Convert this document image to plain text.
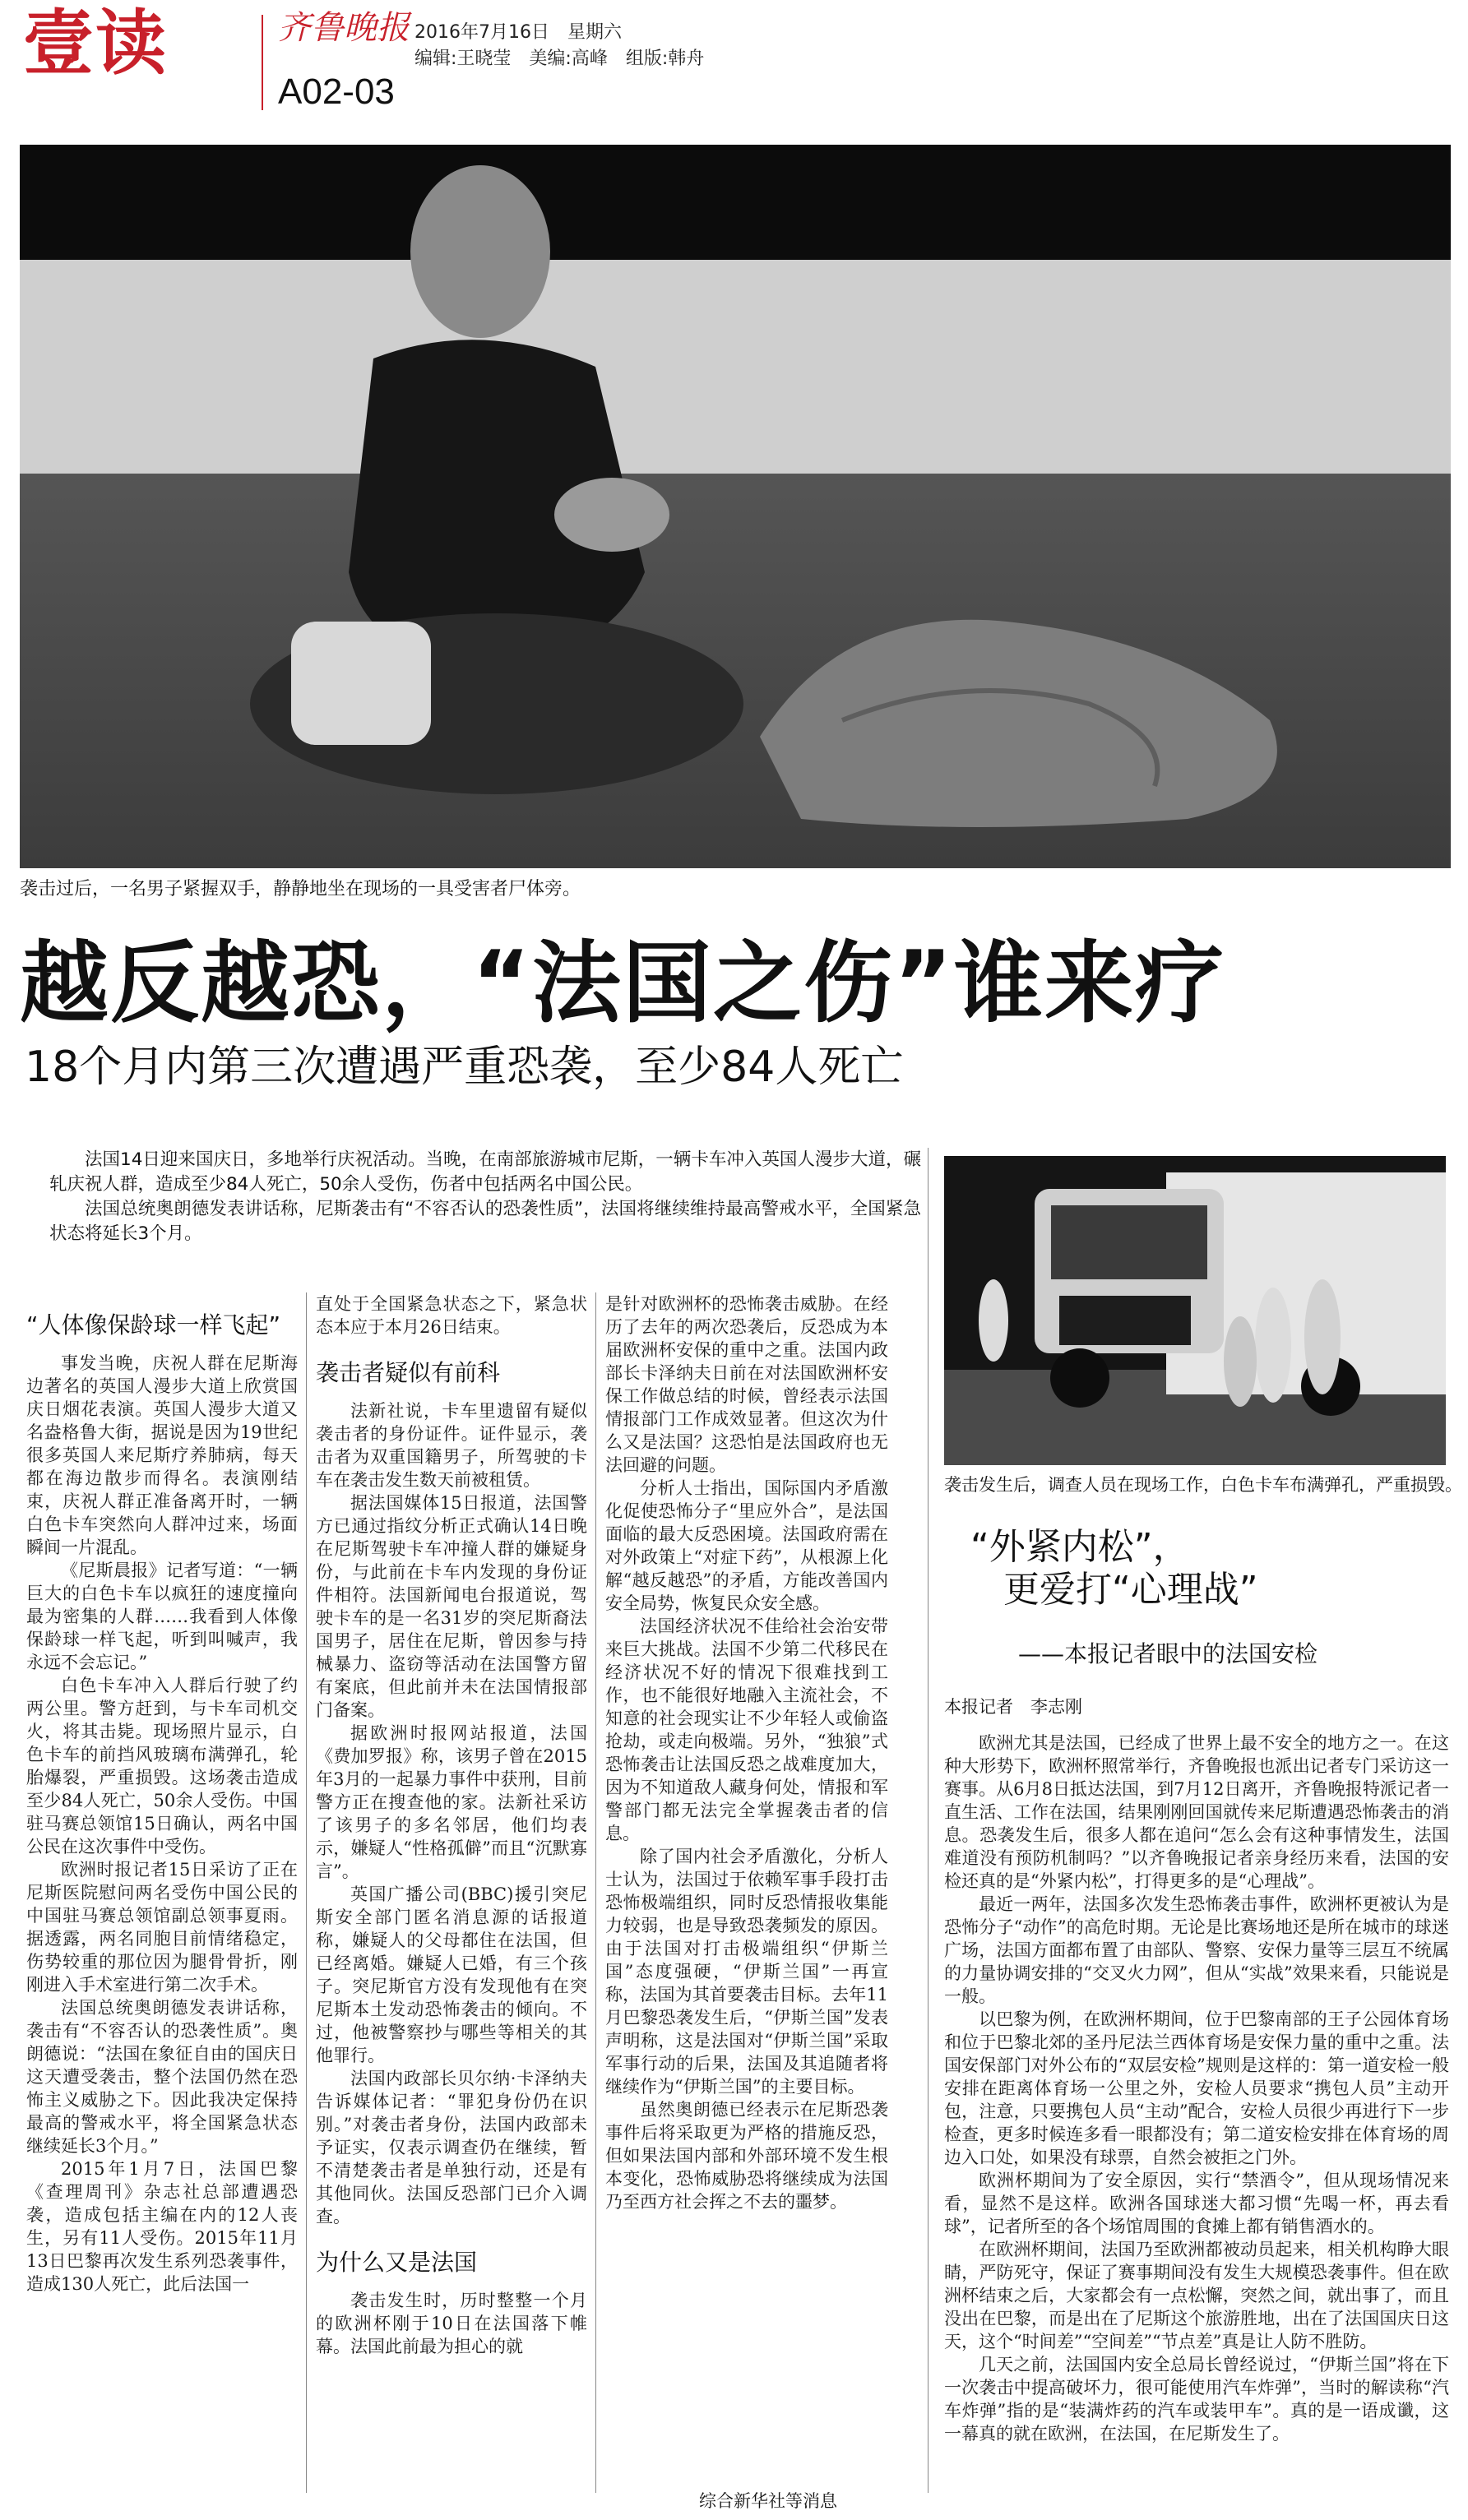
壹读	齐鲁晚报 2016年7月16日　星期六
编辑:王晓莹　美编:高峰　组版:韩舟
A02-03
袭击过后，一名男子紧握双手，静静地坐在现场的一具受害者尸体旁。
越反越恐，“法国之伤”谁来疗
18个月内第三次遭遇严重恐袭，至少84人死亡

法国14日迎来国庆日，多地举行庆祝活动。当晚，在南部旅游城市尼斯，一辆卡车冲入英国人漫步大道，碾轧庆祝人群，造成至少84人死亡，50余人受伤，伤者中包括两名中国公民。

法国总统奥朗德发表讲话称，尼斯袭击有“不容否认的恐袭性质”，法国将继续维持最高警戒水平，全国紧急状态将延长3个月。

“人体像保龄球一样飞起”

事发当晚，庆祝人群在尼斯海边著名的英国人漫步大道上欣赏国庆日烟花表演。英国人漫步大道又名盎格鲁大街，据说是因为19世纪很多英国人来尼斯疗养肺病，每天都在海边散步而得名。表演刚结束，庆祝人群正准备离开时，一辆白色卡车突然向人群冲过来，场面瞬间一片混乱。

《尼斯晨报》记者写道：“一辆巨大的白色卡车以疯狂的速度撞向最为密集的人群……我看到人体像保龄球一样飞起，听到叫喊声，我永远不会忘记。”

白色卡车冲入人群后行驶了约两公里。警方赶到，与卡车司机交火，将其击毙。现场照片显示，白色卡车的前挡风玻璃布满弹孔，轮胎爆裂，严重损毁。这场袭击造成至少84人死亡，50余人受伤。中国驻马赛总领馆15日确认，两名中国公民在这次事件中受伤。

欧洲时报记者15日采访了正在尼斯医院慰问两名受伤中国公民的中国驻马赛总领馆副总领事夏雨。据透露，两名同胞目前情绪稳定，伤势较重的那位因为腿骨骨折，刚刚进入手术室进行第二次手术。

法国总统奥朗德发表讲话称，袭击有“不容否认的恐袭性质”。奥朗德说：“法国在象征自由的国庆日这天遭受袭击，整个法国仍然在恐怖主义威胁之下。因此我决定保持最高的警戒水平，将全国紧急状态继续延长3个月。”

2015年1月7日，法国巴黎《查理周刊》杂志社总部遭遇恐袭，造成包括主编在内的12人丧生，另有11人受伤。2015年11月13日巴黎再次发生系列恐袭事件，造成130人死亡，此后法国一

直处于全国紧急状态之下，紧急状态本应于本月26日结束。

袭击者疑似有前科

法新社说，卡车里遗留有疑似袭击者的身份证件。证件显示，袭击者为双重国籍男子，所驾驶的卡车在袭击发生数天前被租赁。

据法国媒体15日报道，法国警方已通过指纹分析正式确认14日晚在尼斯驾驶卡车冲撞人群的嫌疑身份，与此前在卡车内发现的身份证件相符。法国新闻电台报道说，驾驶卡车的是一名31岁的突尼斯裔法国男子，居住在尼斯，曾因参与持械暴力、盗窃等活动在法国警方留有案底，但此前并未在法国情报部门备案。

据欧洲时报网站报道，法国《费加罗报》称，该男子曾在2015年3月的一起暴力事件中获刑，目前警方正在搜查他的家。法新社采访了该男子的多名邻居，他们均表示，嫌疑人“性格孤僻”而且“沉默寡言”。

英国广播公司(BBC)援引突尼斯安全部门匿名消息源的话报道称，嫌疑人的父母都住在法国，但已经离婚。嫌疑人已婚，有三个孩子。突尼斯官方没有发现他有在突尼斯本土发动恐怖袭击的倾向。不过，他被警察抄与哪些等相关的其他罪行。

法国内政部长贝尔纳·卡泽纳夫告诉媒体记者：“罪犯身份仍在识别。”对袭击者身份，法国内政部未予证实，仅表示调查仍在继续，暂不清楚袭击者是单独行动，还是有其他同伙。法国反恐部门已介入调查。

为什么又是法国

袭击发生时，历时整整一个月的欧洲杯刚于10日在法国落下帷幕。法国此前最为担心的就

是针对欧洲杯的恐怖袭击威胁。在经历了去年的两次恐袭后，反恐成为本届欧洲杯安保的重中之重。法国内政部长卡泽纳夫日前在对法国欧洲杯安保工作做总结的时候，曾经表示法国情报部门工作成效显著。但这次为什么又是法国？这恐怕是法国政府也无法回避的问题。

分析人士指出，国际国内矛盾激化促使恐怖分子“里应外合”，是法国面临的最大反恐困境。法国政府需在对外政策上“对症下药”，从根源上化解“越反越恐”的矛盾，方能改善国内安全局势，恢复民众安全感。

法国经济状况不佳给社会治安带来巨大挑战。法国不少第二代移民在经济状况不好的情况下很难找到工作，也不能很好地融入主流社会，不知意的社会现实让不少年轻人或偷盗抢劫，或走向极端。另外，“独狼”式恐怖袭击让法国反恐之战难度加大，因为不知道敌人藏身何处，情报和军警部门都无法完全掌握袭击者的信息。

除了国内社会矛盾激化，分析人士认为，法国过于依赖军事手段打击恐怖极端组织，同时反恐情报收集能力较弱，也是导致恐袭频发的原因。由于法国对打击极端组织“伊斯兰国”态度强硬，“伊斯兰国”一再宣称，法国为其首要袭击目标。去年11月巴黎恐袭发生后，“伊斯兰国”发表声明称，这是法国对“伊斯兰国”采取军事行动的后果，法国及其追随者将继续作为“伊斯兰国”的主要目标。

虽然奥朗德已经表示在尼斯恐袭事件后将采取更为严格的措施反恐，但如果法国内部和外部环境不发生根本变化，恐怖威胁恐将继续成为法国乃至西方社会挥之不去的噩梦。

袭击发生后，调查人员在现场工作，白色卡车布满弹孔，严重损毁。
“外紧内松”，
更爱打“心理战”
——本报记者眼中的法国安检
本报记者　李志刚

欧洲尤其是法国，已经成了世界上最不安全的地方之一。在这种大形势下，欧洲杯照常举行，齐鲁晚报也派出记者专门采访这一赛事。从6月8日抵达法国，到7月12日离开，齐鲁晚报特派记者一直生活、工作在法国，结果刚刚回国就传来尼斯遭遇恐怖袭击的消息。恐袭发生后，很多人都在追问“怎么会有这种事情发生，法国难道没有预防机制吗？”以齐鲁晚报记者亲身经历来看，法国的安检还真的是“外紧内松”，打得更多的是“心理战”。

最近一两年，法国多次发生恐怖袭击事件，欧洲杯更被认为是恐怖分子“动作”的高危时期。无论是比赛场地还是所在城市的球迷广场，法国方面都布置了由部队、警察、安保力量等三层互不统属的力量协调安排的“交叉火力网”，但从“实战”效果来看，只能说是一般。

以巴黎为例，在欧洲杯期间，位于巴黎南部的王子公园体育场和位于巴黎北郊的圣丹尼法兰西体育场是安保力量的重中之重。法国安保部门对外公布的“双层安检”规则是这样的：第一道安检一般安排在距离体育场一公里之外，安检人员要求“携包人员”主动开包，注意，只要携包人员“主动”配合，安检人员很少再进行下一步检查，更多时候连多看一眼都没有；第二道安检安排在体育场的周边入口处，如果没有球票，自然会被拒之门外。

欧洲杯期间为了安全原因，实行“禁酒令”，但从现场情况来看，显然不是这样。欧洲各国球迷大都习惯“先喝一杯，再去看球”，记者所至的各个场馆周围的食摊上都有销售酒水的。

在欧洲杯期间，法国乃至欧洲都被动员起来，相关机构睁大眼睛，严防死守，保证了赛事期间没有发生大规模恐袭事件。但在欧洲杯结束之后，大家都会有一点松懈，突然之间，就出事了，而且没出在巴黎，而是出在了尼斯这个旅游胜地，出在了法国国庆日这天，这个“时间差”“空间差”“节点差”真是让人防不胜防。

几天之前，法国国内安全总局长曾经说过，“伊斯兰国”将在下一次袭击中提高破坏力，很可能使用汽车炸弹”，当时的解读称“汽车炸弹”指的是“装满炸药的汽车或装甲车”。真的是一语成谶，这一幕真的就在欧洲，在法国，在尼斯发生了。

综合新华社等消息
